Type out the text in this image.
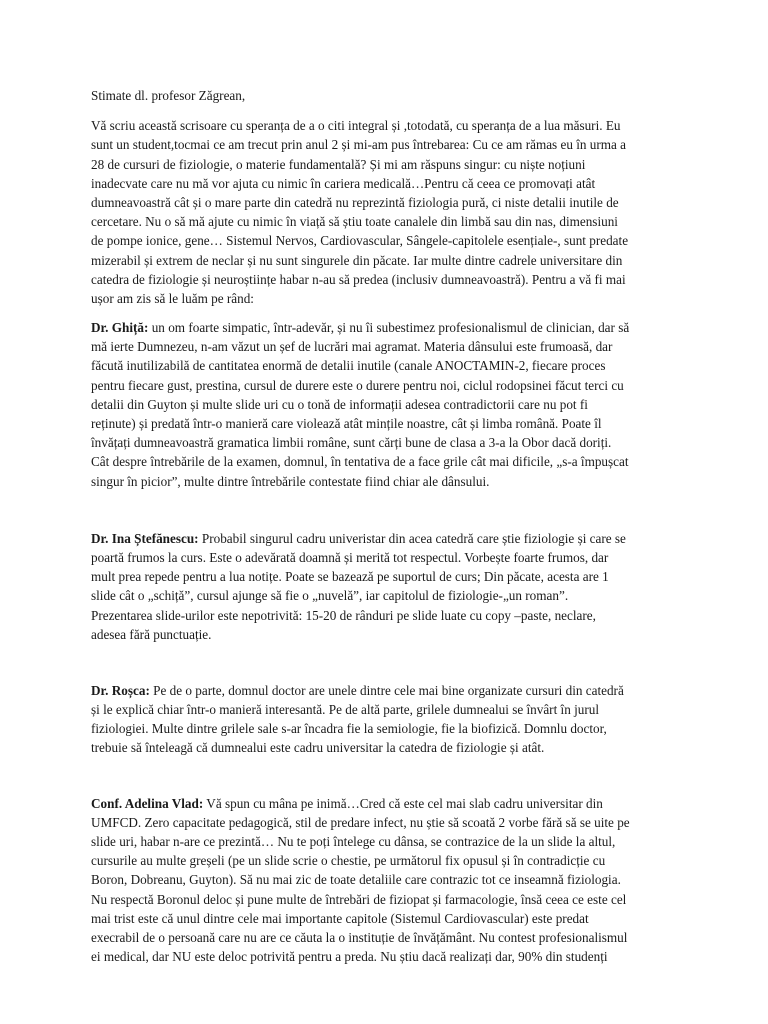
Stimate dl. profesor Zăgrean,
Vă scriu această scrisoare cu speranța de a o citi integral și ,totodată, cu speranța de a lua măsuri. Eu
sunt un student,tocmai ce am trecut prin anul 2 și mi-am pus întrebarea: Cu ce am rămas eu în urma a
28 de cursuri de fiziologie, o materie fundamentală? Și mi am răspuns singur: cu niște noțiuni
inadecvate care nu mă vor ajuta cu nimic în cariera medicală…Pentru că ceea ce promovați atât
dumneavoastră cât și o mare parte din catedră nu reprezintă fiziologia pură, ci niste detalii inutile de
cercetare. Nu o să mă ajute cu nimic în viață să știu toate canalele din limbă sau din nas, dimensiuni
de pompe ionice, gene… Sistemul Nervos, Cardiovascular, Sângele-capitolele esențiale-, sunt predate
mizerabil și extrem de neclar și nu sunt singurele din păcate. Iar multe dintre cadrele universitare din
catedra de fiziologie și neuroștiințe habar n-au să predea (inclusiv dumneavoastră). Pentru a vă fi mai
ușor am zis să le luăm pe rând:
Dr. Ghiță: un om foarte simpatic, într-adevăr, și nu îi subestimez profesionalismul de clinician, dar să
mă ierte Dumnezeu, n-am văzut un șef de lucrări mai agramat. Materia dânsului este frumoasă, dar
făcută inutilizabilă de cantitatea enormă de detalii inutile (canale ANOCTAMIN-2, fiecare proces
pentru fiecare gust, prestina, cursul de durere este o durere pentru noi, ciclul rodopsinei făcut terci cu
detalii din Guyton și multe slide uri cu o tonă de informații adesea contradictorii care nu pot fi
reținute) și predată într-o manieră care violează atât mințile noastre, cât și limba română. Poate îl
învățați dumneavoastră gramatica limbii române, sunt cărți bune de clasa a 3-a la Obor dacă doriți.
Cât despre întrebările de la examen, domnul, în tentativa de a face grile cât mai dificile, „s-a împușcat
singur în picior”, multe dintre întrebările contestate fiind chiar ale dânsului.
Dr. Ina Ștefănescu: Probabil singurul cadru univeristar din acea catedră care știe fiziologie și care se
poartă frumos la curs. Este o adevărată doamnă și merită tot respectul. Vorbește foarte frumos, dar
mult prea repede pentru a lua notițe. Poate se bazează pe suportul de curs; Din păcate, acesta are 1
slide cât o „schiță”, cursul ajunge să fie o „nuvelă”, iar capitolul de fiziologie-„un roman”.
Prezentarea slide-urilor este nepotrivită: 15-20 de rânduri pe slide luate cu copy –paste, neclare,
adesea fără punctuație.
Dr. Roșca: Pe de o parte, domnul doctor are unele dintre cele mai bine organizate cursuri din catedră
și le explică chiar într-o manieră interesantă. Pe de altă parte, grilele dumnealui se învârt în jurul
fiziologiei. Multe dintre grilele sale s-ar încadra fie la semiologie, fie la biofizică. Domnlu doctor,
trebuie să înteleagă că dumnealui este cadru universitar la catedra de fiziologie și atât.
Conf. Adelina Vlad: Vă spun cu mâna pe inimă…Cred că este cel mai slab cadru universitar din
UMFCD. Zero capacitate pedagogică, stil de predare infect, nu știe să scoată 2 vorbe fără să se uite pe
slide uri, habar n-are ce prezintă… Nu te poți întelege cu dânsa, se contrazice de la un slide la altul,
cursurile au multe greșeli (pe un slide scrie o chestie, pe următorul fix opusul și în contradicție cu
Boron, Dobreanu, Guyton). Să nu mai zic de toate detaliile care contrazic tot ce inseamnă fiziologia.
Nu respectă Boronul deloc și pune multe de întrebări de fiziopat și farmacologie, însă ceea ce este cel
mai trist este că unul dintre cele mai importante capitole (Sistemul Cardiovascular) este predat
execrabil de o persoană care nu are ce căuta la o instituție de învățământ. Nu contest profesionalismul
ei medical, dar NU este deloc potrivită pentru a preda. Nu știu dacă realizați dar, 90% din studenți
